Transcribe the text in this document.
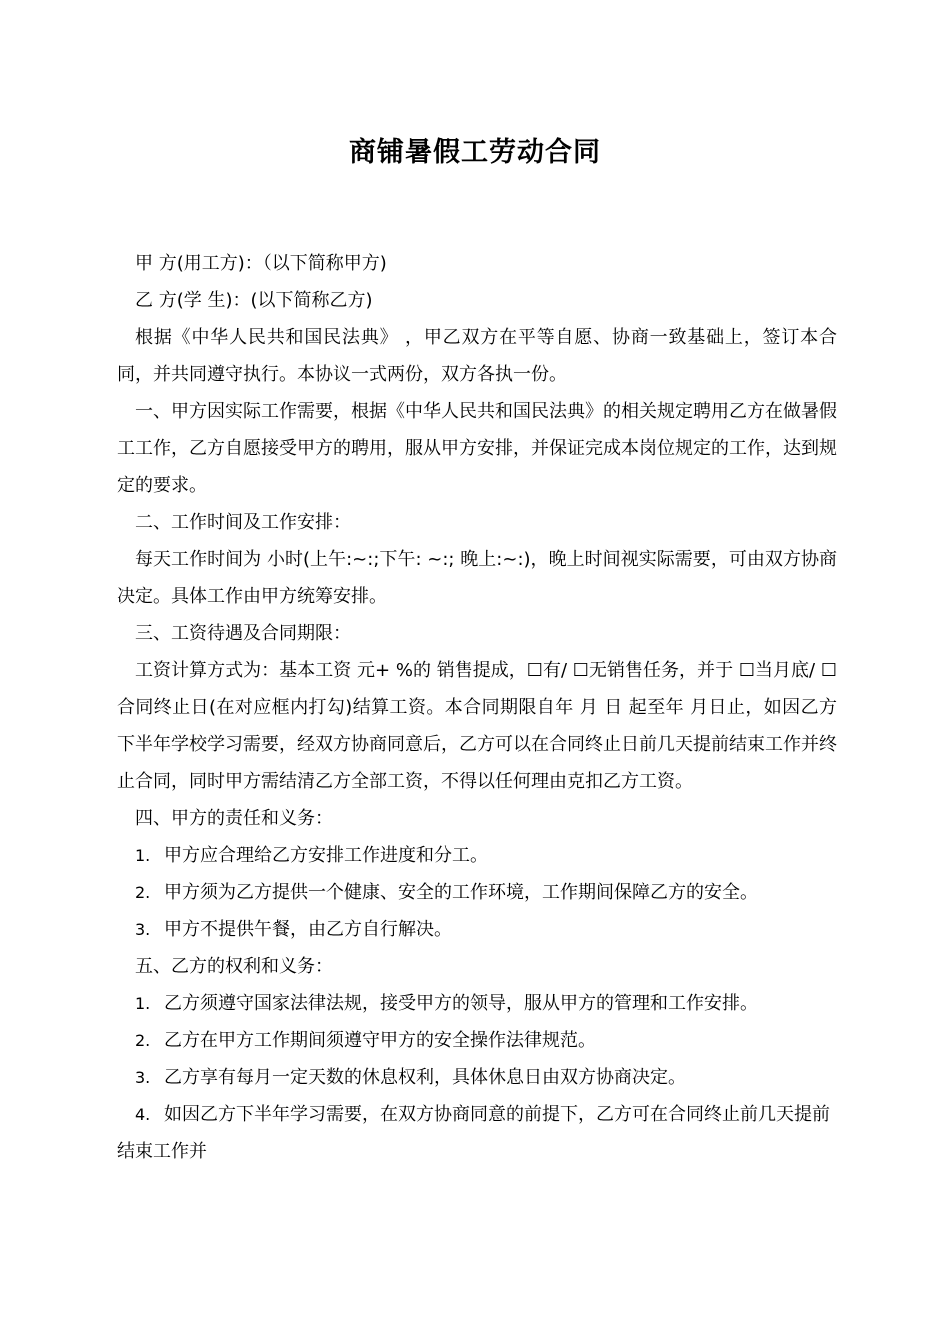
商铺暑假工劳动合同

甲 方(用工方)：（以下简称甲方)

乙 方(学 生)：(以下简称乙方)

根据《中华人民共和国民法典》 ，甲乙双方在平等自愿、协商一致基础上，签订本合同，并共同遵守执行。本协议一式两份，双方各执一份。

一、甲方因实际工作需要，根据《中华人民共和国民法典》的相关规定聘用乙方在做暑假工工作，乙方自愿接受甲方的聘用，服从甲方安排，并保证完成本岗位规定的工作，达到规定的要求。

二、工作时间及工作安排：

每天工作时间为 小时(上午:~:;下午: ~:; 晚上:~:)，晚上时间视实际需要，可由双方协商决定。具体工作由甲方统筹安排。

三、工资待遇及合同期限：

工资计算方式为：基本工资 元+ %的 销售提成，☐有/ ☐无销售任务，并于 ☐当月底/ ☐合同终止日(在对应框内打勾)结算工资。本合同期限自年 月 日 起至年 月日止，如因乙方下半年学校学习需要，经双方协商同意后，乙方可以在合同终止日前几天提前结束工作并终止合同，同时甲方需结清乙方全部工资，不得以任何理由克扣乙方工资。

四、甲方的责任和义务：

1. 甲方应合理给乙方安排工作进度和分工。

2. 甲方须为乙方提供一个健康、安全的工作环境，工作期间保障乙方的安全。

3. 甲方不提供午餐，由乙方自行解决。

五、乙方的权利和义务：

1. 乙方须遵守国家法律法规，接受甲方的领导，服从甲方的管理和工作安排。

2. 乙方在甲方工作期间须遵守甲方的安全操作法律规范。

3. 乙方享有每月一定天数的休息权利，具体休息日由双方协商决定。

4. 如因乙方下半年学习需要，在双方协商同意的前提下，乙方可在合同终止前几天提前结束工作并
